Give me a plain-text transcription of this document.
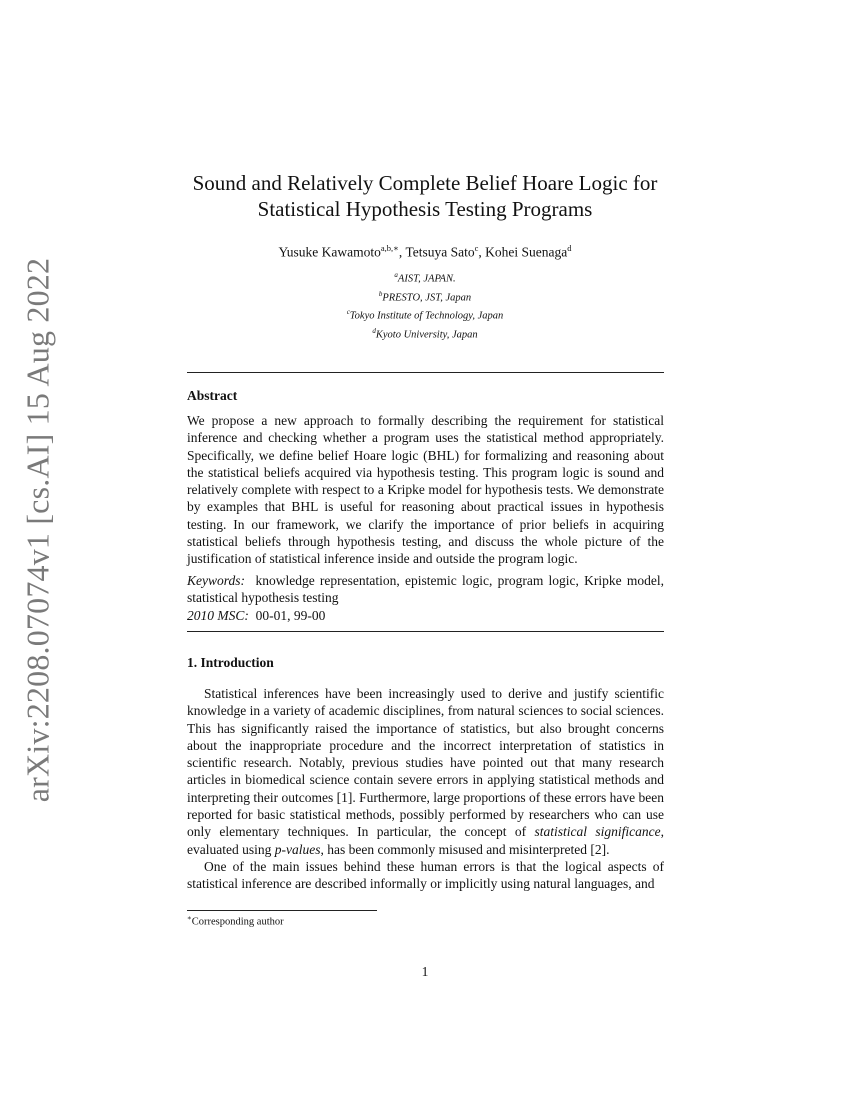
arXiv:2208.07074v1 [cs.AI] 15 Aug 2022
Sound and Relatively Complete Belief Hoare Logic for
Statistical Hypothesis Testing Programs
Yusuke Kawamoto$^{a,b,∗}$, Tetsuya Sato$^c$, Kohei Suenaga$^d$
$^a$AIST, JAPAN.
$^b$PRESTO, JST, Japan
$^c$Tokyo Institute of Technology, Japan
$^d$Kyoto University, Japan
Abstract

We propose a new approach to formally describing the requirement for statistical inference and checking whether a program uses the statistical method appropriately. Specifically, we define belief Hoare logic (BHL) for formalizing and reasoning about the statistical beliefs acquired via hypothesis testing. This program logic is sound and relatively complete with respect to a Kripke model for hypothesis tests. We demonstrate by examples that BHL is useful for reasoning about practical issues in hypothesis testing. In our framework, we clarify the importance of prior beliefs in acquiring statistical beliefs through hypothesis testing, and discuss the whole picture of the justification of statistical inference inside and outside the program logic.

Keywords: knowledge representation, epistemic logic, program logic, Kripke model, statistical hypothesis testing

2010 MSC: 00-01, 99-00

1. Introduction

Statistical inferences have been increasingly used to derive and justify scientific knowledge in a variety of academic disciplines, from natural sciences to social sciences. This has significantly raised the importance of statistics, but also brought concerns about the inappropriate procedure and the incorrect interpretation of statistics in scientific research. Notably, previous studies have pointed out that many research articles in biomedical science contain severe errors in applying statistical methods and interpreting their outcomes [1]. Furthermore, large proportions of these errors have been reported for basic statistical methods, possibly performed by researchers who can use only elementary techniques. In particular, the concept of statistical significance, evaluated using p-values, has been commonly misused and misinterpreted [2].

One of the main issues behind these human errors is that the logical aspects of statistical inference are described informally or implicitly using natural languages, and

∗Corresponding author
1
